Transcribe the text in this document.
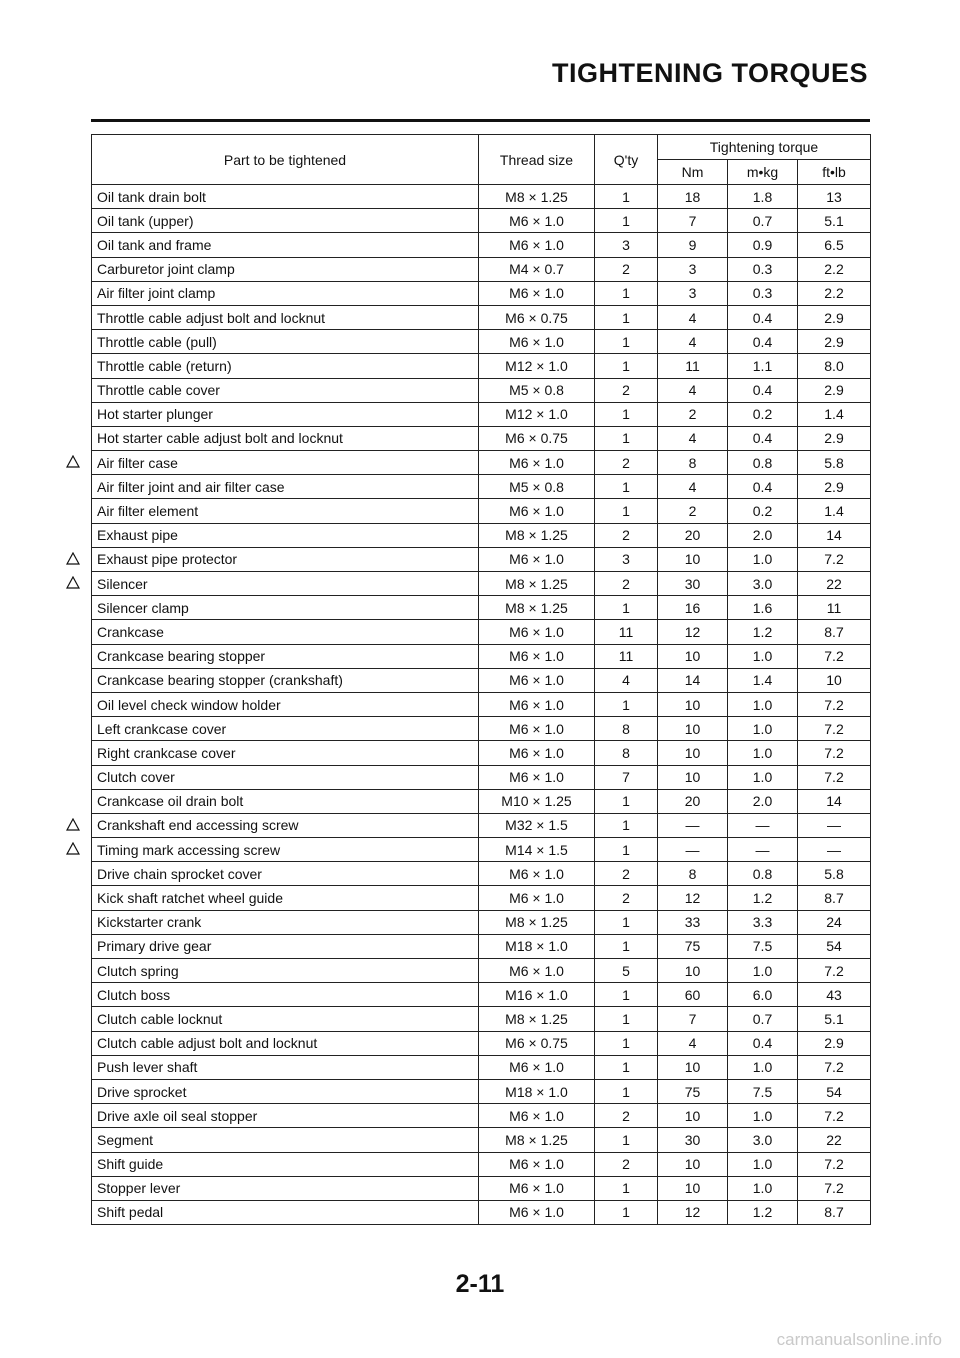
TIGHTENING TORQUES
Part to be tightened	Thread size	Q'ty	Tightening torque		
			Nm	m•kg	ft•lb
Oil tank drain bolt	M8 × 1.25	1	18	1.8	13
Oil tank (upper)	M6 × 1.0	1	7	0.7	5.1
Oil tank and frame	M6 × 1.0	3	9	0.9	6.5
Carburetor joint clamp	M4 × 0.7	2	3	0.3	2.2
Air filter joint clamp	M6 × 1.0	1	3	0.3	2.2
Throttle cable adjust bolt and locknut	M6 × 0.75	1	4	0.4	2.9
Throttle cable (pull)	M6 × 1.0	1	4	0.4	2.9
Throttle cable (return)	M12 × 1.0	1	11	1.1	8.0
Throttle cable cover	M5 × 0.8	2	4	0.4	2.9
Hot starter plunger	M12 × 1.0	1	2	0.2	1.4
Hot starter cable adjust bolt and locknut	M6 × 0.75	1	4	0.4	2.9
Air filter case	M6 × 1.0	2	8	0.8	5.8
Air filter joint and air filter case	M5 × 0.8	1	4	0.4	2.9
Air filter element	M6 × 1.0	1	2	0.2	1.4
Exhaust pipe	M8 × 1.25	2	20	2.0	14
Exhaust pipe protector	M6 × 1.0	3	10	1.0	7.2
Silencer	M8 × 1.25	2	30	3.0	22
Silencer clamp	M8 × 1.25	1	16	1.6	11
Crankcase	M6 × 1.0	11	12	1.2	8.7
Crankcase bearing stopper	M6 × 1.0	11	10	1.0	7.2
Crankcase bearing stopper (crankshaft)	M6 × 1.0	4	14	1.4	10
Oil level check window holder	M6 × 1.0	1	10	1.0	7.2
Left crankcase cover	M6 × 1.0	8	10	1.0	7.2
Right crankcase cover	M6 × 1.0	8	10	1.0	7.2
Clutch cover	M6 × 1.0	7	10	1.0	7.2
Crankcase oil drain bolt	M10 × 1.25	1	20	2.0	14
Crankshaft end accessing screw	M32 × 1.5	1	—	—	—
Timing mark accessing screw	M14 × 1.5	1	—	—	—
Drive chain sprocket cover	M6 × 1.0	2	8	0.8	5.8
Kick shaft ratchet wheel guide	M6 × 1.0	2	12	1.2	8.7
Kickstarter crank	M8 × 1.25	1	33	3.3	24
Primary drive gear	M18 × 1.0	1	75	7.5	54
Clutch spring	M6 × 1.0	5	10	1.0	7.2
Clutch boss	M16 × 1.0	1	60	6.0	43
Clutch cable locknut	M8 × 1.25	1	7	0.7	5.1
Clutch cable adjust bolt and locknut	M6 × 0.75	1	4	0.4	2.9
Push lever shaft	M6 × 1.0	1	10	1.0	7.2
Drive sprocket	M18 × 1.0	1	75	7.5	54
Drive axle oil seal stopper	M6 × 1.0	2	10	1.0	7.2
Segment	M8 × 1.25	1	30	3.0	22
Shift guide	M6 × 1.0	2	10	1.0	7.2
Stopper lever	M6 × 1.0	1	10	1.0	7.2
Shift pedal	M6 × 1.0	1	12	1.2	8.7
2-11
carmanualsonline.info
